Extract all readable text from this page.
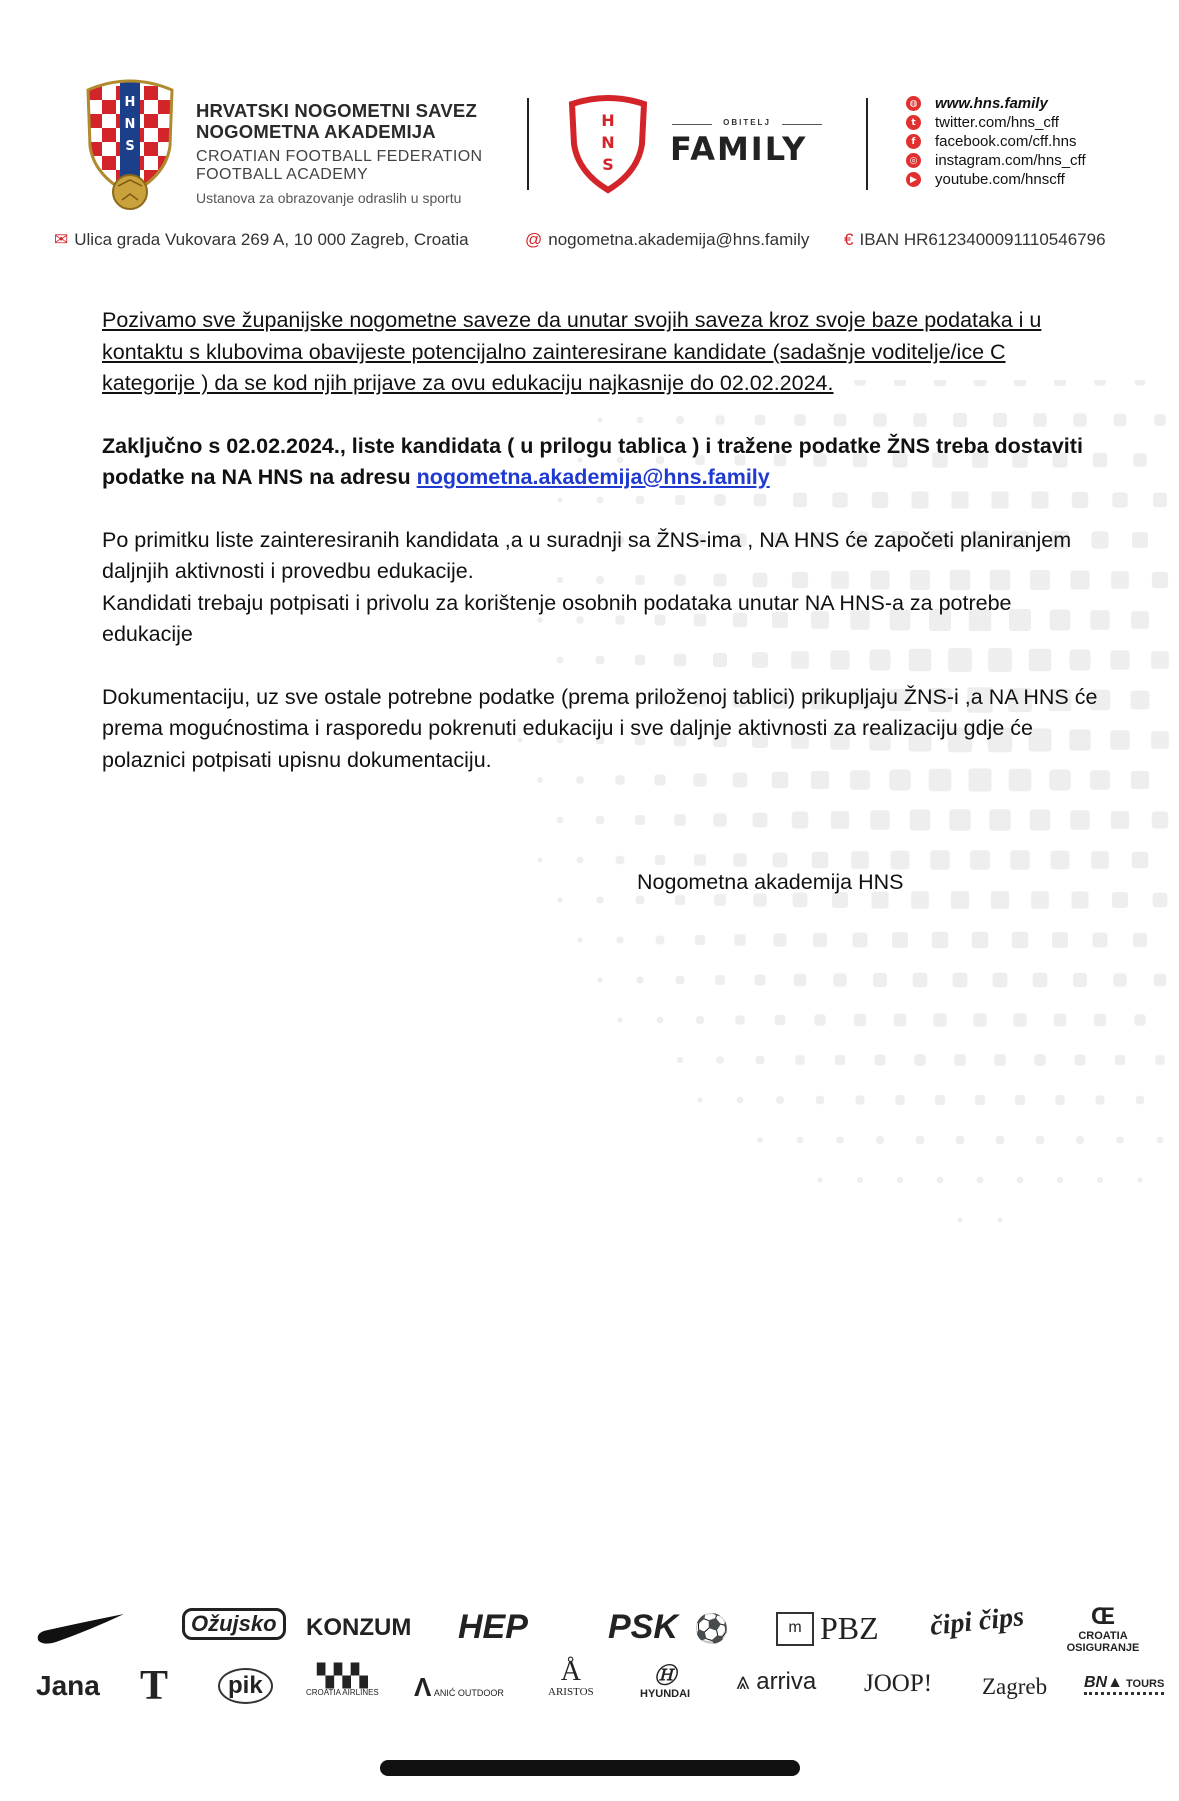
H
N
S
HRVATSKI NOGOMETNI SAVEZ
NOGOMETNA AKADEMIJA
CROATIAN FOOTBALL FEDERATION
FOOTBALL ACADEMY
Ustanova za obrazovanje odraslih u sportu
H
N
S
OBITELJ
FAMILY
◍ www.hns.family
t	twitter.com/hns_cff
f	facebook.com/cff.hns
◎ instagram.com/hns_cff
▶ youtube.com/hnscff
✉ Ulica grada Vukovara 269 A, 10 000 Zagreb, Croatia	@ nogometna.akademija@hns.family € IBAN HR6123400091110546796
Pozivamo sve županijske nogometne saveze da unutar svojih saveza kroz svoje baze podataka i u kontaktu s klubovima obavijeste potencijalno zainteresirane kandidate (sadašnje voditelje/ice C kategorije ) da se kod njih prijave za ovu edukaciju najkasnije do 02.02.2024.
Zaključno s 02.02.2024., liste kandidata ( u prilogu tablica ) i tražene podatke ŽNS treba dostaviti podatke na NA HNS na adresu nogometna.akademija@hns.family
Po primitku liste zainteresiranih kandidata ,a u suradnji sa ŽNS-ima , NA HNS će započeti planiranjem daljnjih aktivnosti i provedbu edukacije.
Kandidati trebaju potpisati i privolu za korištenje osobnih podataka unutar NA HNS-a za potrebe edukacije
Dokumentaciju, uz sve ostale potrebne podatke (prema priloženoj tablici) prikupljaju ŽNS-i ,a NA HNS će prema mogućnostima i rasporedu pokrenuti edukaciju i sve daljnje aktivnosti za realizaciju gdje će polaznici potpisati upisnu dokumentaciju.
Nogometna akademija HNS
Ožujsko	KONZUM HEP PSK ⚽	PBZ
m	čipi čips	Œ
CROATIA OSIGURANJE
Jana T	pik	▚▚▚
CROATIA AIRLINES Λ ANIĆ OUTDOOR
Å
ARISTOS
Ⓗ
HYUNDAI ⩓ arriva JOOP! Zagreb BN▲ TOURS
